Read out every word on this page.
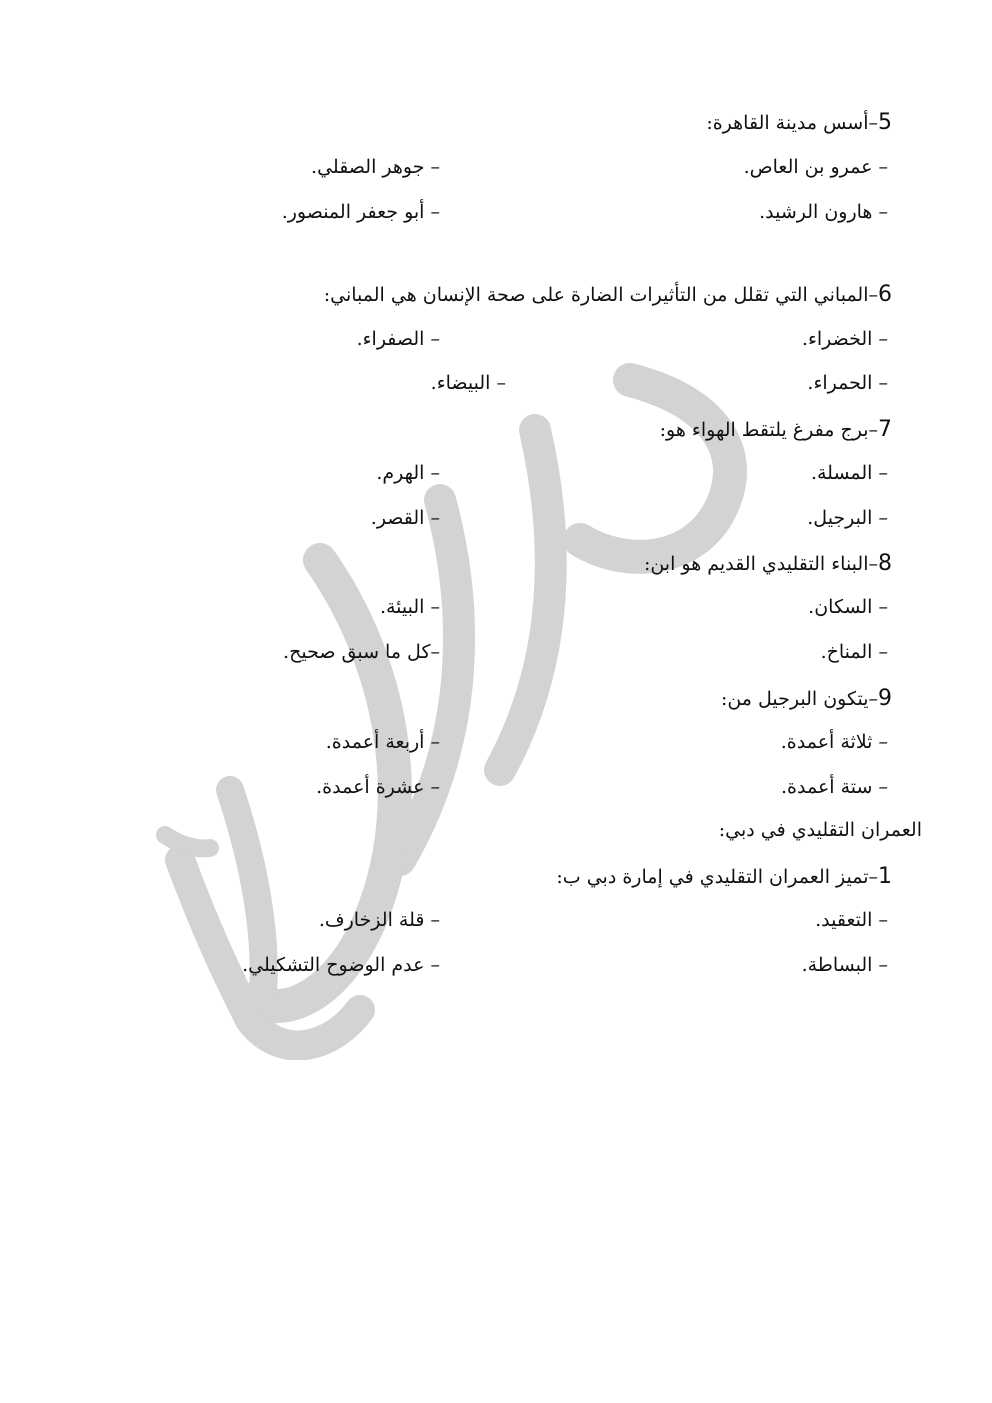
5–أسس مدينة القاهرة:
– عمرو بن العاص.
– جوهر الصقلي.
– هارون الرشيد.
– أبو جعفر المنصور.
6–المباني التي تقلل من التأثيرات الضارة على صحة الإنسان هي المباني:
– الخضراء.
– الصفراء.
– الحمراء.
– البيضاء.
7–برج مفرغ يلتقط الهواء هو:
– المسلة.
– الهرم.
– البرجيل.
– القصر.
8–البناء التقليدي القديم هو ابن:
– السكان.
– البيئة.
– المناخ.
–كل ما سبق صحيح.
9–يتكون البرجيل من:
– ثلاثة أعمدة.
– أربعة أعمدة.
– ستة أعمدة.
– عشرة أعمدة.
العمران التقليدي في دبي:
1–تميز العمران التقليدي في إمارة دبي ب:
– التعقيد.
– قلة الزخارف.
– البساطة.
– عدم الوضوح التشكيلي.
